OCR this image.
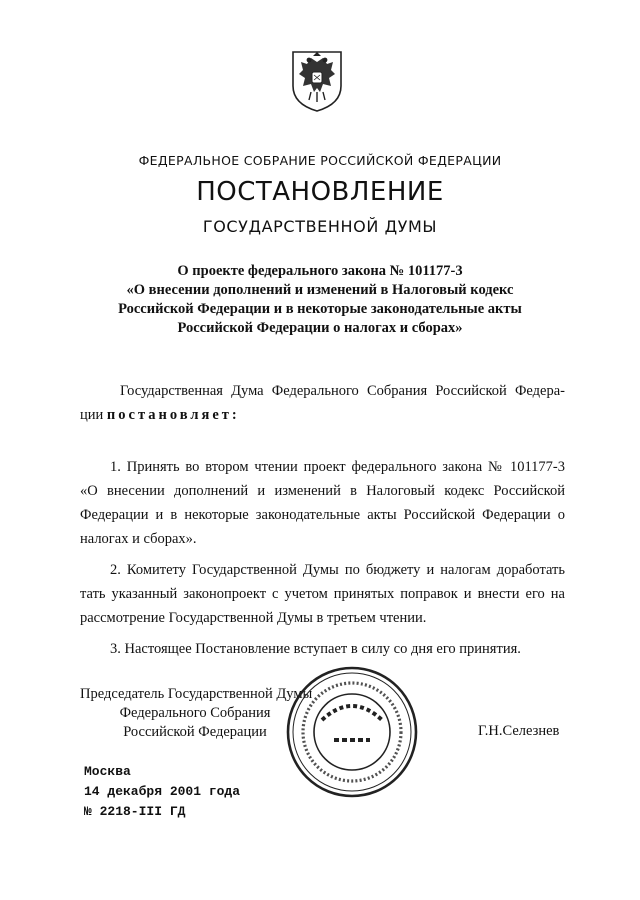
ФЕДЕРАЛЬНОЕ СОБРАНИЕ РОССИЙСКОЙ ФЕДЕРАЦИИ
ПОСТАНОВЛЕНИЕ
ГОСУДАРСТВЕННОЙ ДУМЫ
О проекте федерального закона № 101177-3
«О внесении дополнений и изменений в Налоговый кодекс
Российской Федерации и в некоторые законодательные акты
Российской Федерации о налогах и сборах»
Государственная Дума Федерального Собрания Российской Федера-
ции постановляет:
1. Принять во втором чтении проект федерального закона № 101177-3
«О внесении дополнений и изменений в Налоговый кодекс Российской
Федерации и в некоторые законодательные акты Российской Федерации о
налогах и сборах».
2. Комитету Государственной Думы по бюджету и налогам доработать
тать указанный законопроект с учетом принятых поправок и внести его на
рассмотрение Государственной Думы в третьем чтении.
3. Настоящее Постановление вступает в силу со дня его принятия.
Председатель Государственной Думы
Федерального Собрания
Российской Федерации	Г.Н.Селезнев
Москва
14 декабря 2001 года
№ 2218-III ГД
